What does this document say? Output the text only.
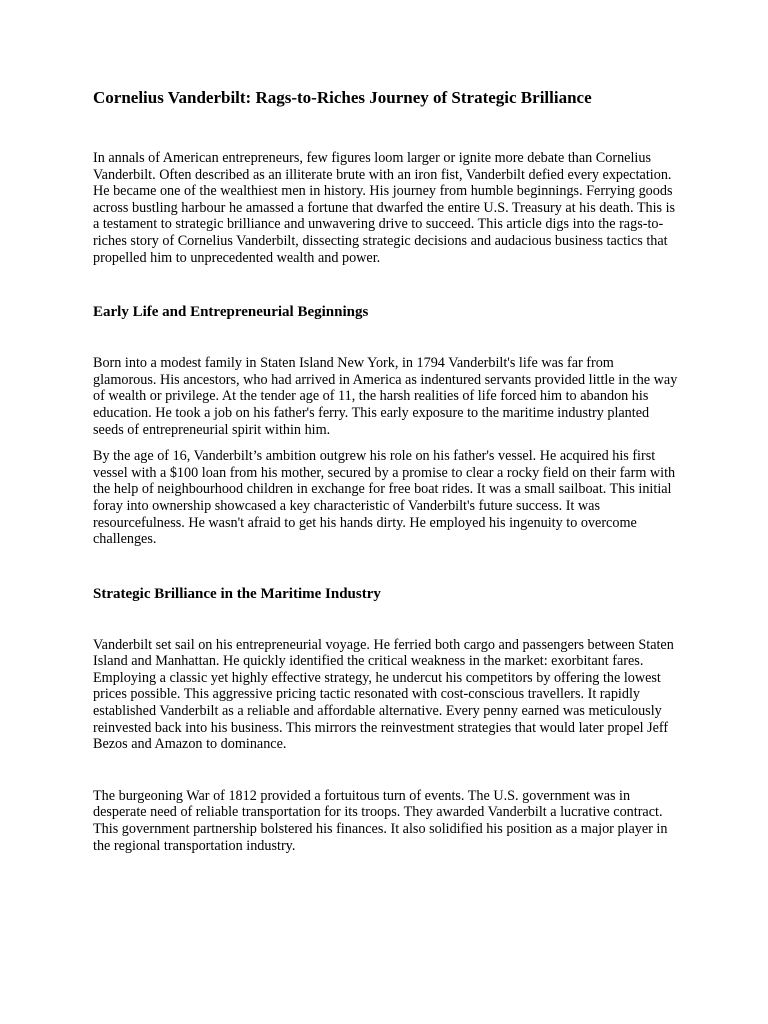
Cornelius Vanderbilt: Rags-to-Riches Journey of Strategic Brilliance

In annals of American entrepreneurs, few figures loom larger or ignite more debate than Cornelius Vanderbilt. Often described as an illiterate brute with an iron fist, Vanderbilt defied every expectation. He became one of the wealthiest men in history. His journey from humble beginnings. Ferrying goods across bustling harbour he amassed a fortune that dwarfed the entire U.S. Treasury at his death. This is a testament to strategic brilliance and unwavering drive to succeed. This article digs into the rags-to-riches story of Cornelius Vanderbilt, dissecting strategic decisions and audacious business tactics that propelled him to unprecedented wealth and power.

Early Life and Entrepreneurial Beginnings

Born into a modest family in Staten Island New York, in 1794 Vanderbilt's life was far from glamorous. His ancestors, who had arrived in America as indentured servants provided little in the way of wealth or privilege. At the tender age of 11, the harsh realities of life forced him to abandon his education. He took a job on his father's ferry. This early exposure to the maritime industry planted seeds of entrepreneurial spirit within him.

By the age of 16, Vanderbilt’s ambition outgrew his role on his father's vessel. He acquired his first vessel with a $100 loan from his mother, secured by a promise to clear a rocky field on their farm with the help of neighbourhood children in exchange for free boat rides. It was a small sailboat. This initial foray into ownership showcased a key characteristic of Vanderbilt's future success. It was resourcefulness. He wasn't afraid to get his hands dirty. He employed his ingenuity to overcome challenges.

Strategic Brilliance in the Maritime Industry

Vanderbilt set sail on his entrepreneurial voyage. He ferried both cargo and passengers between Staten Island and Manhattan. He quickly identified the critical weakness in the market: exorbitant fares. Employing a classic yet highly effective strategy, he undercut his competitors by offering the lowest prices possible. This aggressive pricing tactic resonated with cost-conscious travellers. It rapidly established Vanderbilt as a reliable and affordable alternative. Every penny earned was meticulously reinvested back into his business. This mirrors the reinvestment strategies that would later propel Jeff Bezos and Amazon to dominance.

The burgeoning War of 1812 provided a fortuitous turn of events. The U.S. government was in desperate need of reliable transportation for its troops. They awarded Vanderbilt a lucrative contract. This government partnership bolstered his finances. It also solidified his position as a major player in the regional transportation industry.
